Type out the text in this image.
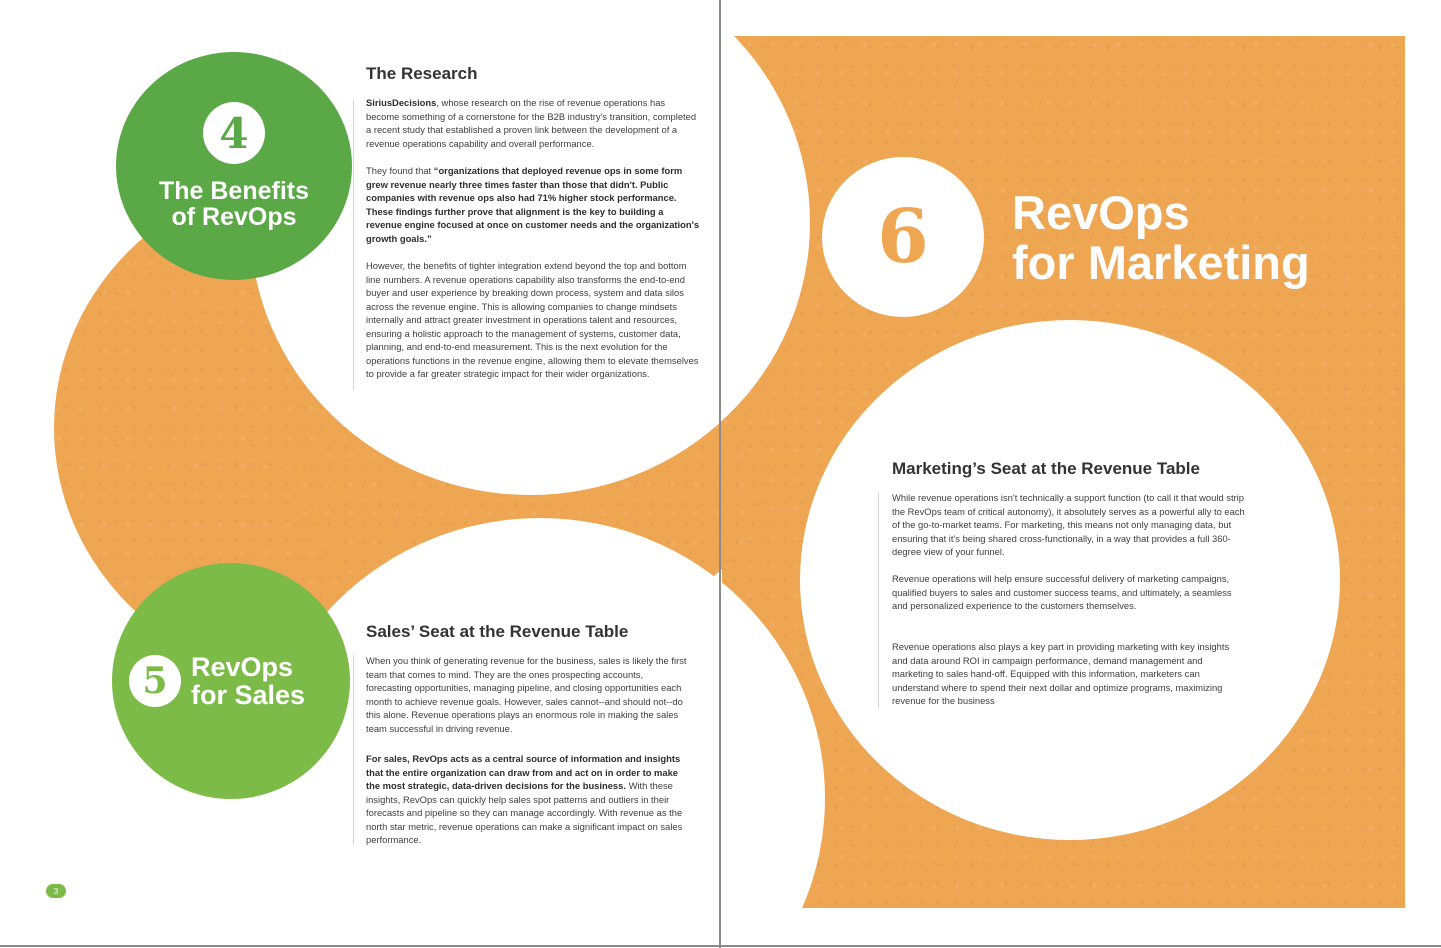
6
4
The Benefits
of RevOps
5 RevOps
for Sales
RevOps
for Marketing
The Research
SiriusDecisions, whose research on the rise of revenue operations has become something of a cornerstone for the B2B industry's transition, completed a recent study that established a proven link between the development of a revenue operations capability and overall performance.
They found that “organizations that deployed revenue ops in some form grew revenue nearly three times faster than those that didn't. Public companies with revenue ops also had 71% higher stock performance. These findings further prove that alignment is the key to building a revenue engine focused at once on customer needs and the organization's growth goals.”
However, the benefits of tighter integration extend beyond the top and bottom line numbers. A revenue operations capability also transforms the end-to-end buyer and user experience by breaking down process, system and data silos across the revenue engine. This is allowing companies to change mindsets internally and attract greater investment in operations talent and resources, ensuring a holistic approach to the management of systems, customer data, planning, and end-to-end measurement. This is the next evolution for the operations functions in the revenue engine, allowing them to elevate themselves to provide a far greater strategic impact for their wider organizations.
Sales’ Seat at the Revenue Table
When you think of generating revenue for the business, sales is likely the first team that comes to mind. They are the ones prospecting accounts, forecasting opportunities, managing pipeline, and closing opportunities each month to achieve revenue goals. However, sales cannot--and should not--do this alone. Revenue operations plays an enormous role in making the sales team successful in driving revenue.
For sales, RevOps acts as a central source of information and insights that the entire organization can draw from and act on in order to make the most strategic, data-driven decisions for the business. With these insights, RevOps can quickly help sales spot patterns and outliers in their forecasts and pipeline so they can manage accordingly. With revenue as the north star metric, revenue operations can make a significant impact on sales performance.
Marketing’s Seat at the Revenue Table
While revenue operations isn't technically a support function (to call it that would strip the RevOps team of critical autonomy), it absolutely serves as a powerful ally to each of the go-to-market teams. For marketing, this means not only managing data, but ensuring that it's being shared cross-functionally, in a way that provides a full 360-degree view of your funnel.
Revenue operations will help ensure successful delivery of marketing campaigns, qualified buyers to sales and customer success teams, and ultimately, a seamless and personalized experience to the customers themselves.
Revenue operations also plays a key part in providing marketing with key insights and data around ROI in campaign performance, demand management and marketing to sales hand-off. Equipped with this information, marketers can understand where to spend their next dollar and optimize programs, maximizing revenue for the business
3
